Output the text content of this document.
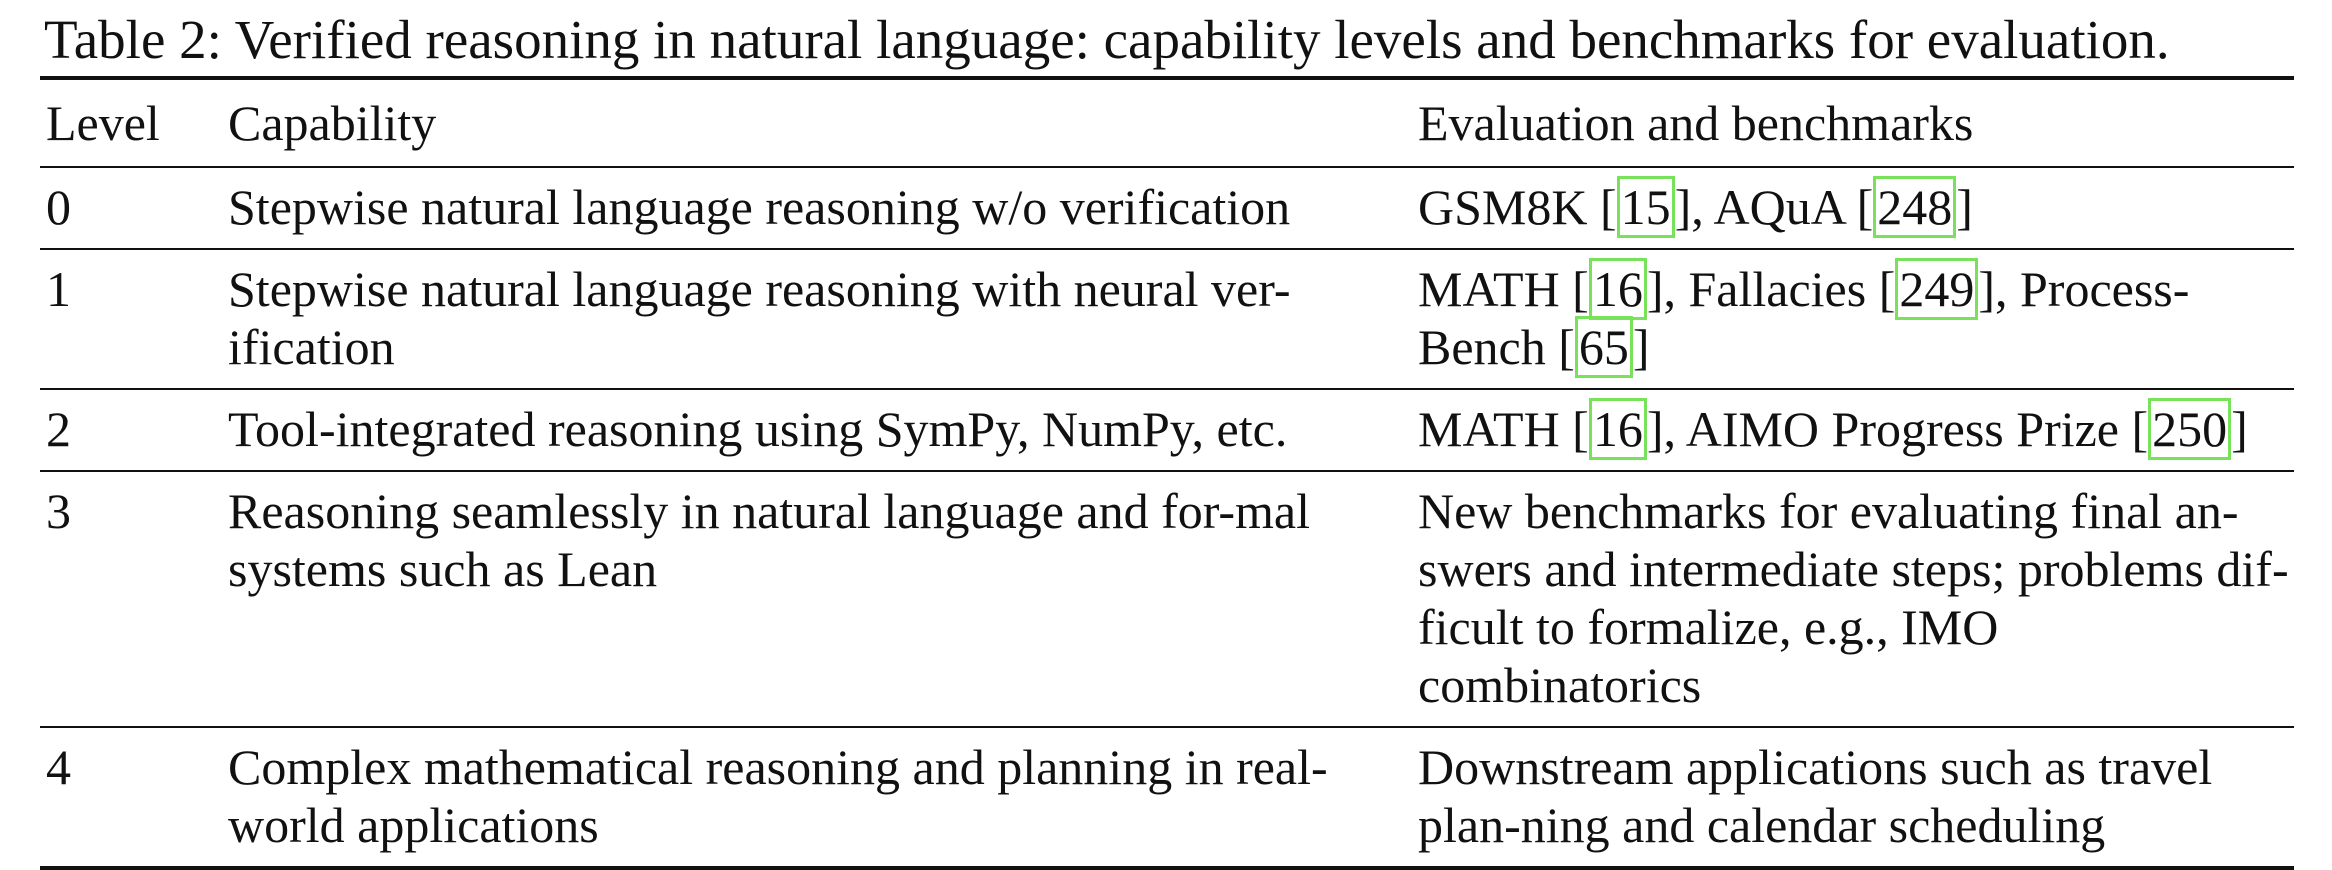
Table 2: Verified reasoning in natural language: capability levels and benchmarks for evaluation.
Level	Capability	Evaluation and benchmarks
0	Stepwise natural language reasoning w/o verification	GSM8K [15], AQuA [248]
1	Stepwise natural language reasoning with neural ver-ification	MATH [16], Fallacies [249], Process-Bench [65]
2	Tool-integrated reasoning using SymPy, NumPy, etc.	MATH [16], AIMO Progress Prize [250]
3	Reasoning seamlessly in natural language and for-mal systems such as Lean	New benchmarks for evaluating final an-swers and intermediate steps; problems dif-ficult to formalize, e.g., IMO combinatorics
4	Complex mathematical reasoning and planning in real-world applications	Downstream applications such as travel plan-ning and calendar scheduling
